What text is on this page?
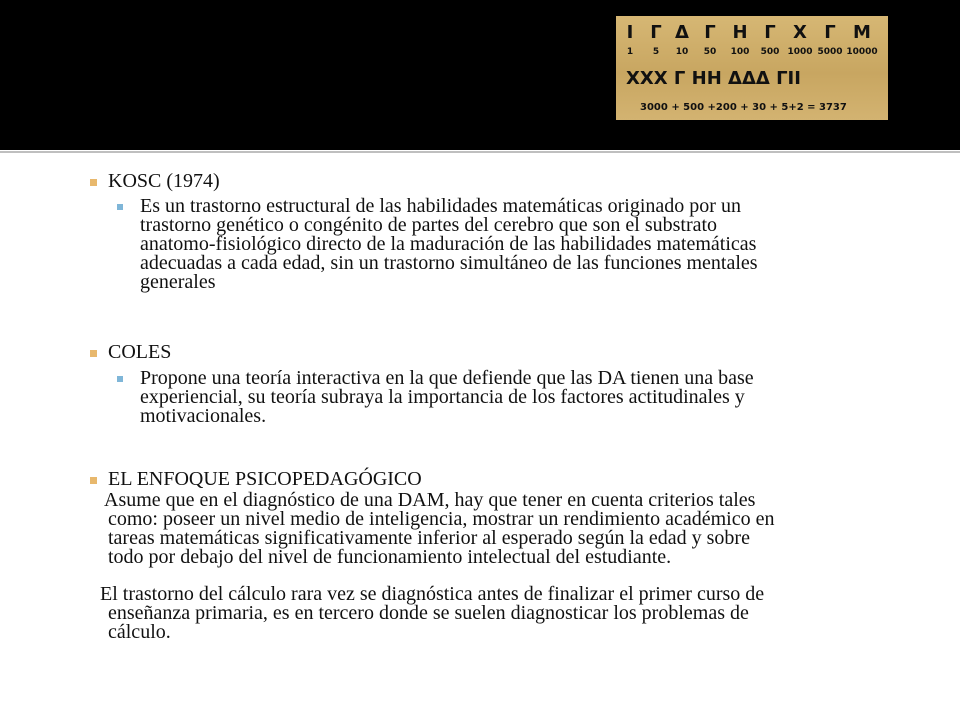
ΧΧΧ Γ ΗΗ ΔΔΔ ΓΙΙ
3000 + 500 +200 + 30 + 5+2 = 3737
Ι Γ Δ Γ Η Γ Χ Γ Μ
1 5 10 50 100 500 1000 5000 10000
KOSC (1974)
Es un trastorno estructural de las habilidades matemáticas originado por un
trastorno genético o congénito de partes del cerebro que son el substrato
anatomo-fisiológico directo de la maduración de las habilidades matemáticas
adecuadas a cada edad, sin un trastorno simultáneo de las funciones mentales
generales
COLES
Propone una teoría interactiva en la que defiende que las DA tienen una base
experiencial, su teoría subraya la importancia de los factores actitudinales y
motivacionales.
EL ENFOQUE PSICOPEDAGÓGICO
Asume que en el diagnóstico de una DAM, hay que tener en cuenta criterios tales
como: poseer un nivel medio de inteligencia, mostrar un rendimiento académico en
tareas matemáticas significativamente inferior al esperado según la edad y sobre
todo por debajo del nivel de funcionamiento intelectual del estudiante.
El trastorno del cálculo rara vez se diagnóstica antes de finalizar el primer curso de
enseñanza primaria, es en tercero donde se suelen diagnosticar los problemas de
cálculo.
